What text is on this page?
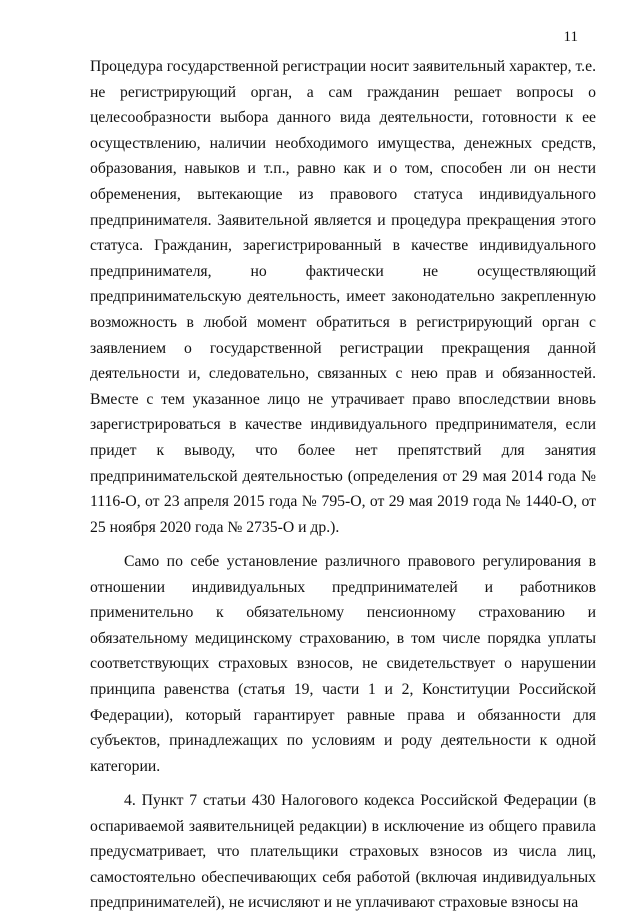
11

Процедура государственной регистрации носит заявительный характер, т.е. не регистрирующий орган, а сам гражданин решает вопросы о целесообразности выбора данного вида деятельности, готовности к ее осуществлению, наличии необходимого имущества, денежных средств, образования, навыков и т.п., равно как и о том, способен ли он нести обременения, вытекающие из правового статуса индивидуального предпринимателя. Заявительной является и процедура прекращения этого статуса. Гражданин, зарегистрированный в качестве индивидуального предпринимателя, но фактически не осуществляющий предпринимательскую деятельность, имеет законодательно закрепленную возможность в любой момент обратиться в регистрирующий орган с заявлением о государственной регистрации прекращения данной деятельности и, следовательно, связанных с нею прав и обязанностей. Вместе с тем указанное лицо не утрачивает право впоследствии вновь зарегистрироваться в качестве индивидуального предпринимателя, если придет к выводу, что более нет препятствий для занятия предпринимательской деятельностью (определения от 29 мая 2014 года № 1116-О, от 23 апреля 2015 года № 795-О, от 29 мая 2019 года № 1440-О, от 25 ноября 2020 года № 2735-О и др.).

Само по себе установление различного правового регулирования в отношении индивидуальных предпринимателей и работников применительно к обязательному пенсионному страхованию и обязательному медицинскому страхованию, в том числе порядка уплаты соответствующих страховых взносов, не свидетельствует о нарушении принципа равенства (статья 19, части 1 и 2, Конституции Российской Федерации), который гарантирует равные права и обязанности для субъектов, принадлежащих по условиям и роду деятельности к одной категории.

4. Пункт 7 статьи 430 Налогового кодекса Российской Федерации (в оспариваемой заявительницей редакции) в исключение из общего правила предусматривает, что плательщики страховых взносов из числа лиц, самостоятельно обеспечивающих себя работой (включая индивидуальных предпринимателей), не исчисляют и не уплачивают страховые взносы на
